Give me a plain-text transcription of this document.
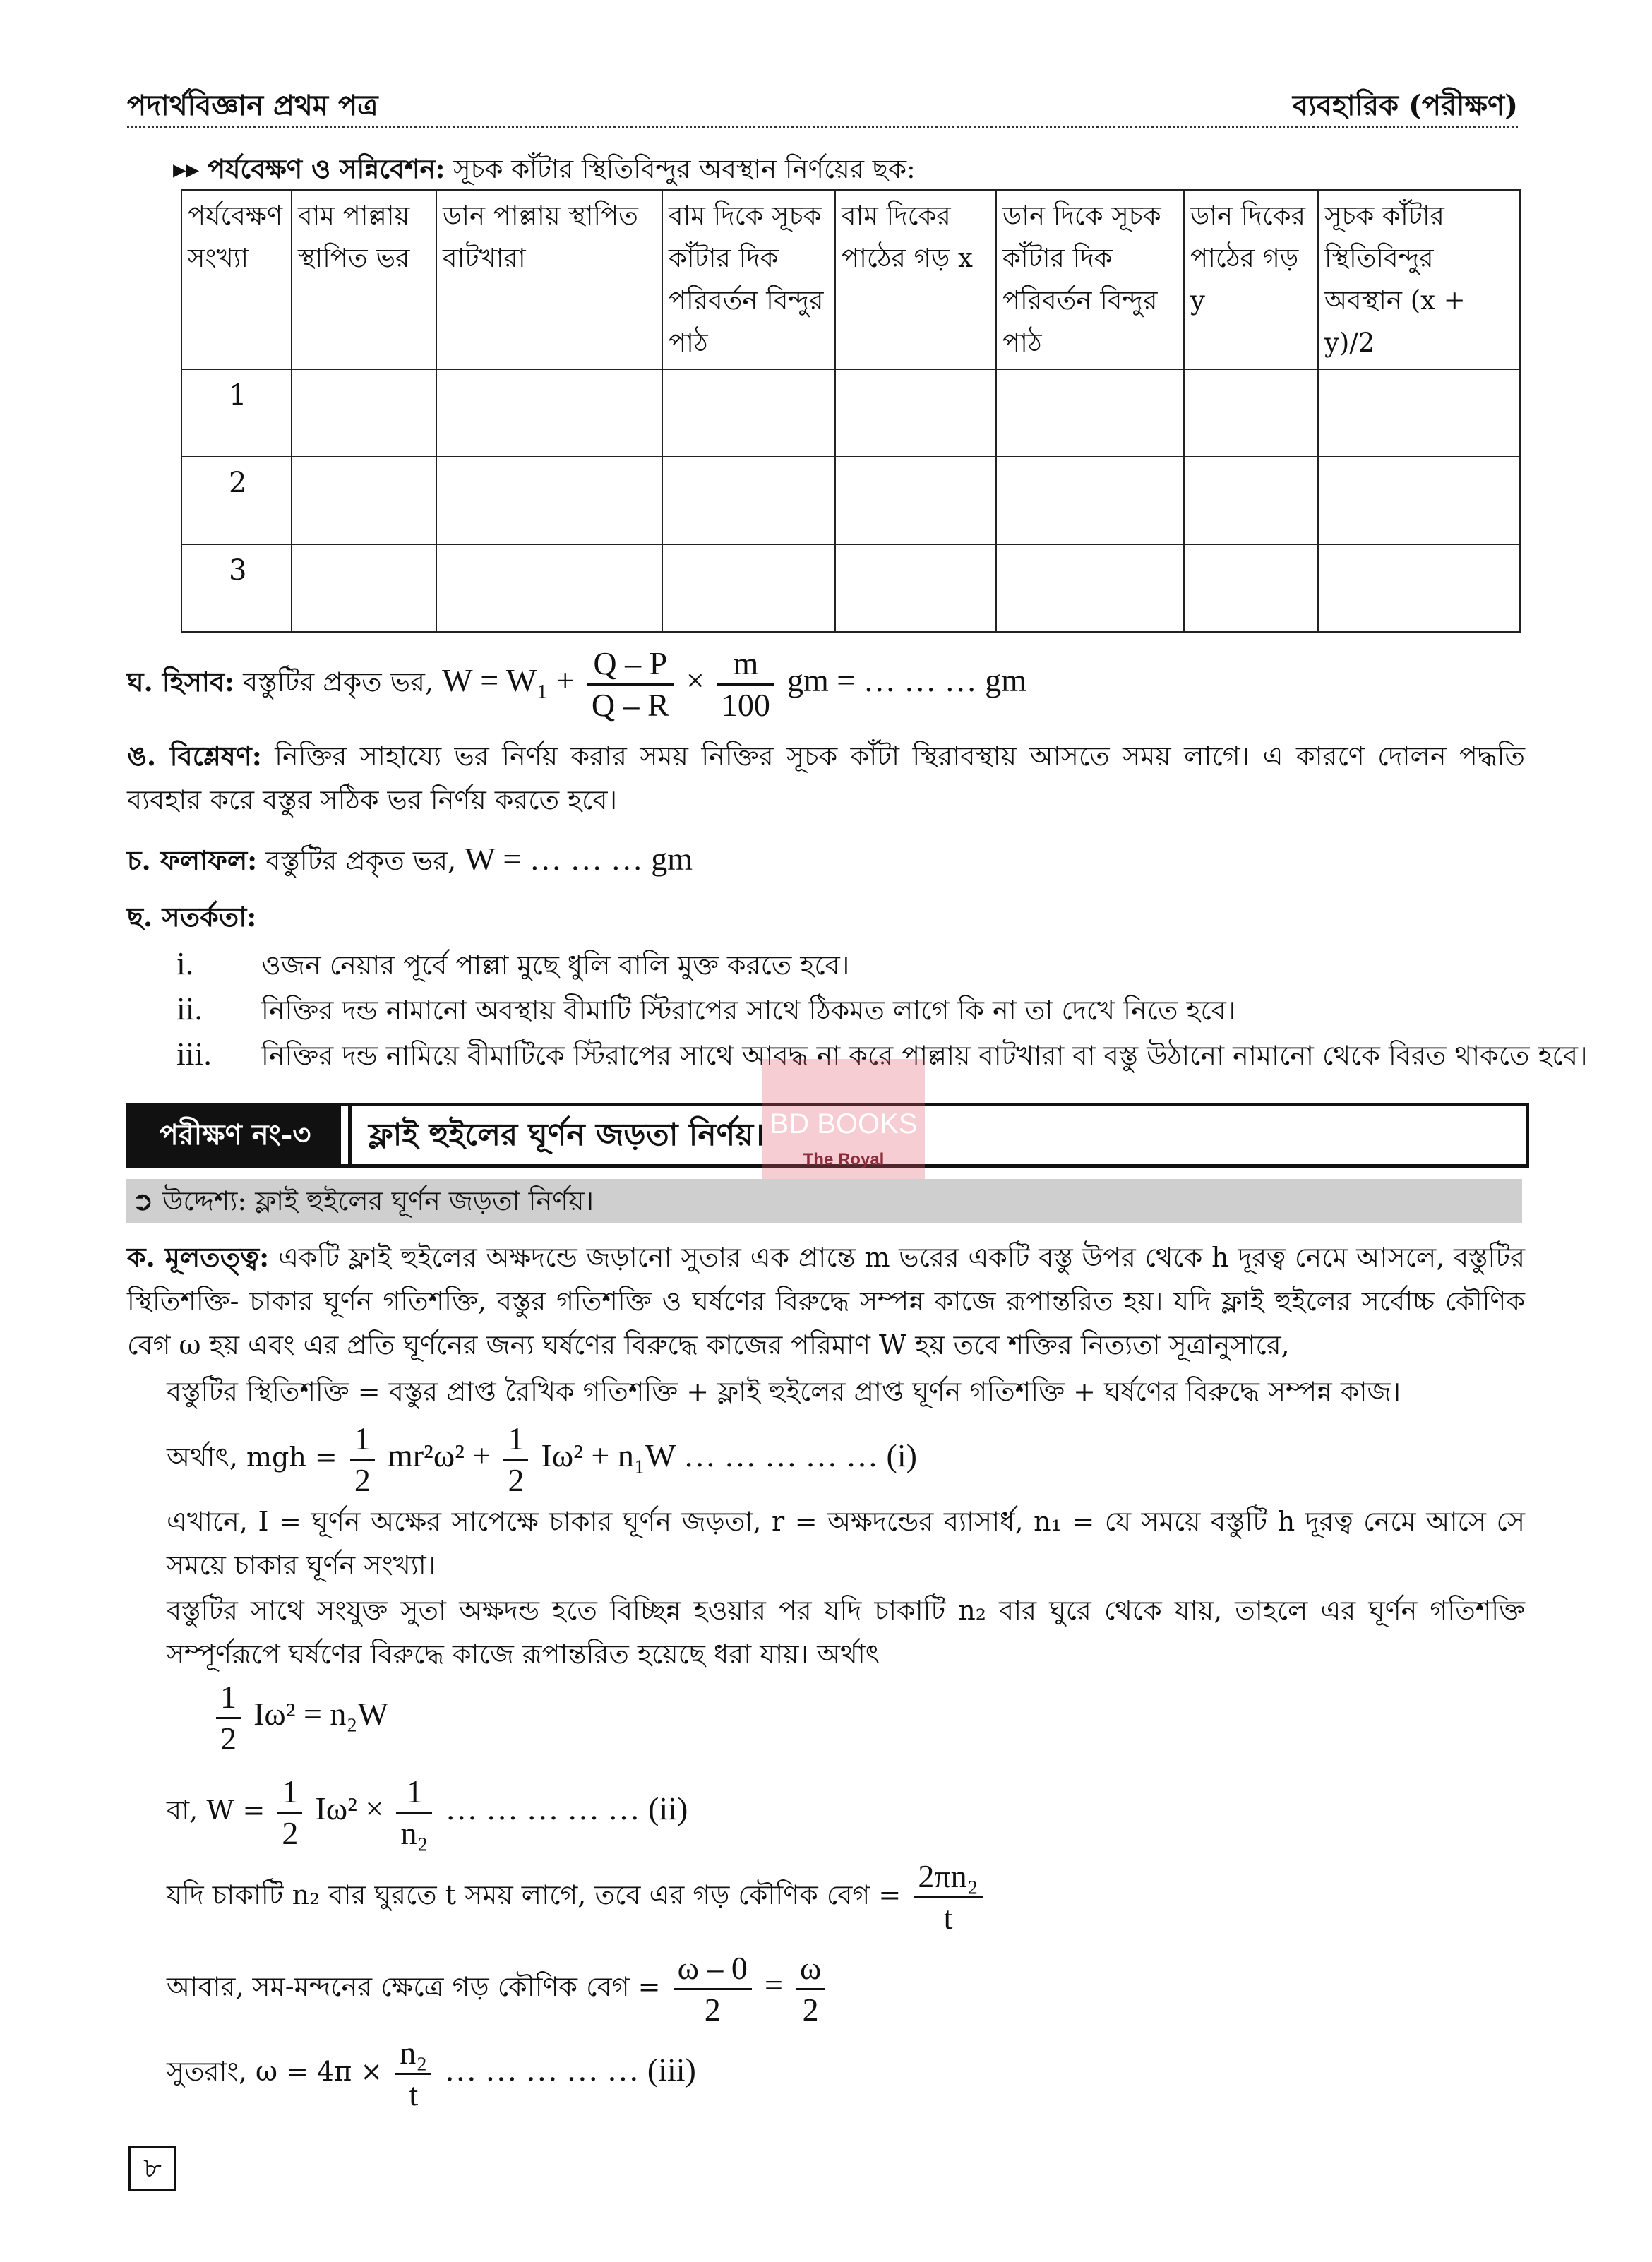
পদার্থবিজ্ঞান প্রথম পত্র	ব্যবহারিক (পরীক্ষণ)
▸▸ পর্যবেক্ষণ ও সন্নিবেশন: সূচক কাঁটার স্থিতিবিন্দুর অবস্থান নির্ণয়ের ছক:
পর্যবেক্ষণ সংখ্যা	বাম পাল্লায় স্থাপিত ভর	ডান পাল্লায় স্থাপিত বাটখারা	বাম দিকে সূচক কাঁটার দিক পরিবর্তন বিন্দুর পাঠ	বাম দিকের পাঠের গড় x	ডান দিকে সূচক কাঁটার দিক পরিবর্তন বিন্দুর পাঠ	ডান দিকের পাঠের গড় y	সূচক কাঁটার স্থিতিবিন্দুর অবস্থান (x + y)/2
1							
2							
3							
ঘ. হিসাব: বস্তুটির প্রকৃত ভর, $W = W_1 + \frac{Q - P}{Q - R} \times \frac{m}{100}$ gm = … … … gm
ঙ. বিশ্লেষণ: নিক্তির সাহায্যে ভর নির্ণয় করার সময় নিক্তির সূচক কাঁটা স্থিরাবস্থায় আসতে সময় লাগে। এ কারণে দোলন পদ্ধতি ব্যবহার করে বস্তুর সঠিক ভর নির্ণয় করতে হবে।
চ. ফলাফল: বস্তুটির প্রকৃত ভর, W = … … … gm
ছ. সতর্কতা:
i.	ওজন নেয়ার পূর্বে পাল্লা মুছে ধুলি বালি মুক্ত করতে হবে।
ii. নিক্তির দন্ড নামানো অবস্থায় বীমাটি স্টিরাপের সাথে ঠিকমত লাগে কি না তা দেখে নিতে হবে।
iii. নিক্তির দন্ড নামিয়ে বীমাটিকে স্টিরাপের সাথে আবদ্ধ না করে পাল্লায় বাটখারা বা বস্তু উঠানো নামানো থেকে বিরত থাকতে হবে।
পরীক্ষণ নং-৩	ফ্লাই হুইলের ঘূর্ণন জড়তা নির্ণয়। BD BOOKS
The Royal
➲ উদ্দেশ্য: ফ্লাই হুইলের ঘূর্ণন জড়তা নির্ণয়।
ক. মূলতত্ত্ব: একটি ফ্লাই হুইলের অক্ষদন্ডে জড়ানো সুতার এক প্রান্তে m ভরের একটি বস্তু উপর থেকে h দূরত্ব নেমে আসলে, বস্তুটির স্থিতিশক্তি- চাকার ঘূর্ণন গতিশক্তি, বস্তুর গতিশক্তি ও ঘর্ষণের বিরুদ্ধে সম্পন্ন কাজে রূপান্তরিত হয়। যদি ফ্লাই হুইলের সর্বোচ্চ কৌণিক বেগ ω হয় এবং এর প্রতি ঘূর্ণনের জন্য ঘর্ষণের বিরুদ্ধে কাজের পরিমাণ W হয় তবে শক্তির নিত্যতা সূত্রানুসারে,
বস্তুটির স্থিতিশক্তি = বস্তুর প্রাপ্ত রৈখিক গতিশক্তি + ফ্লাই হুইলের প্রাপ্ত ঘূর্ণন গতিশক্তি + ঘর্ষণের বিরুদ্ধে সম্পন্ন কাজ।
অর্থাৎ, mgh = $\frac{1}{2} mr^2\omega^2 + \frac{1}{2} I\omega^2 + n_1W$ … … … … … (i)
এখানে, I = ঘূর্ণন অক্ষের সাপেক্ষে চাকার ঘূর্ণন জড়তা, r = অক্ষদন্ডের ব্যাসার্ধ, n₁ = যে সময়ে বস্তুটি h দূরত্ব নেমে আসে সে সময়ে চাকার ঘূর্ণন সংখ্যা।
বস্তুটির সাথে সংযুক্ত সুতা অক্ষদন্ড হতে বিচ্ছিন্ন হওয়ার পর যদি চাকাটি n₂ বার ঘুরে থেকে যায়, তাহলে এর ঘূর্ণন গতিশক্তি সম্পূর্ণরূপে ঘর্ষণের বিরুদ্ধে কাজে রূপান্তরিত হয়েছে ধরা যায়। অর্থাৎ
$\frac{1}{2} I\omega^2 = n_2W$
বা, $W = \frac{1}{2} I\omega^2 \times \frac{1}{\text{n₂}}$ … … … … … (ii)
যদি চাকাটি n₂ বার ঘুরতে t সময় লাগে, তবে এর গড় কৌণিক বেগ = $\frac{\text{2πn₂}}{t}$
আবার, সম-মন্দনের ক্ষেত্রে গড় কৌণিক বেগ = $\frac{\omega - 0}{2} = \frac{\omega}{2}$
সুতরাং, $\omega = 4\pi \times \frac{\text{n₂}}{t}$ … … … … … (iii)
৮
